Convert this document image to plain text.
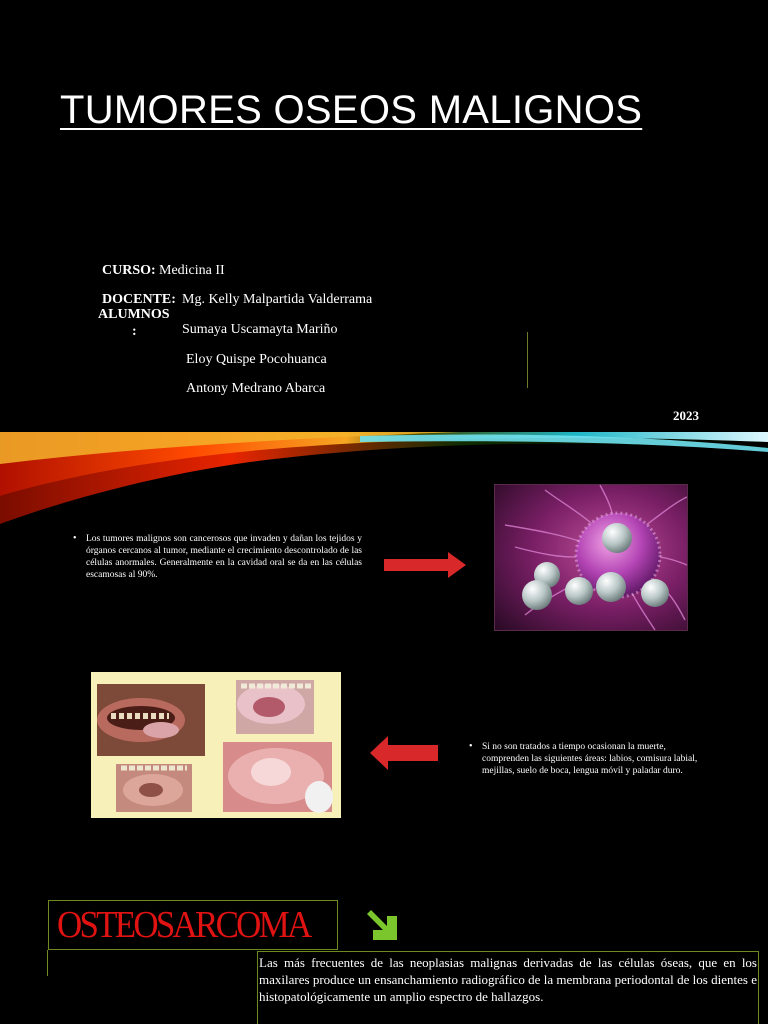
TUMORES OSEOS MALIGNOS
CURSO: Medicina II
DOCENTE: Mg. Kelly Malpartida Valderrama
ALUMNOS
:	Sumaya Uscamayta Mariño
Eloy Quispe Pocohuanca
Antony Medrano Abarca
2023
• Los tumores malignos son cancerosos que invaden y dañan los tejidos y órganos cercanos al tumor, mediante el crecimiento descontrolado de las células anormales. Generalmente en la cavidad oral se da en las células escamosas al 90%.
• Si no son tratados a tiempo ocasionan la muerte, comprenden las siguientes áreas: labios, comisura labial, mejillas, suelo de boca, lengua móvil y paladar duro.
OSTEOSARCOMA
Las más frecuentes de las neoplasias malignas derivadas de las células óseas, que en los maxilares produce un ensanchamiento radiográfico de la membrana periodontal de los dientes e histopatológicamente un amplio espectro de hallazgos.
